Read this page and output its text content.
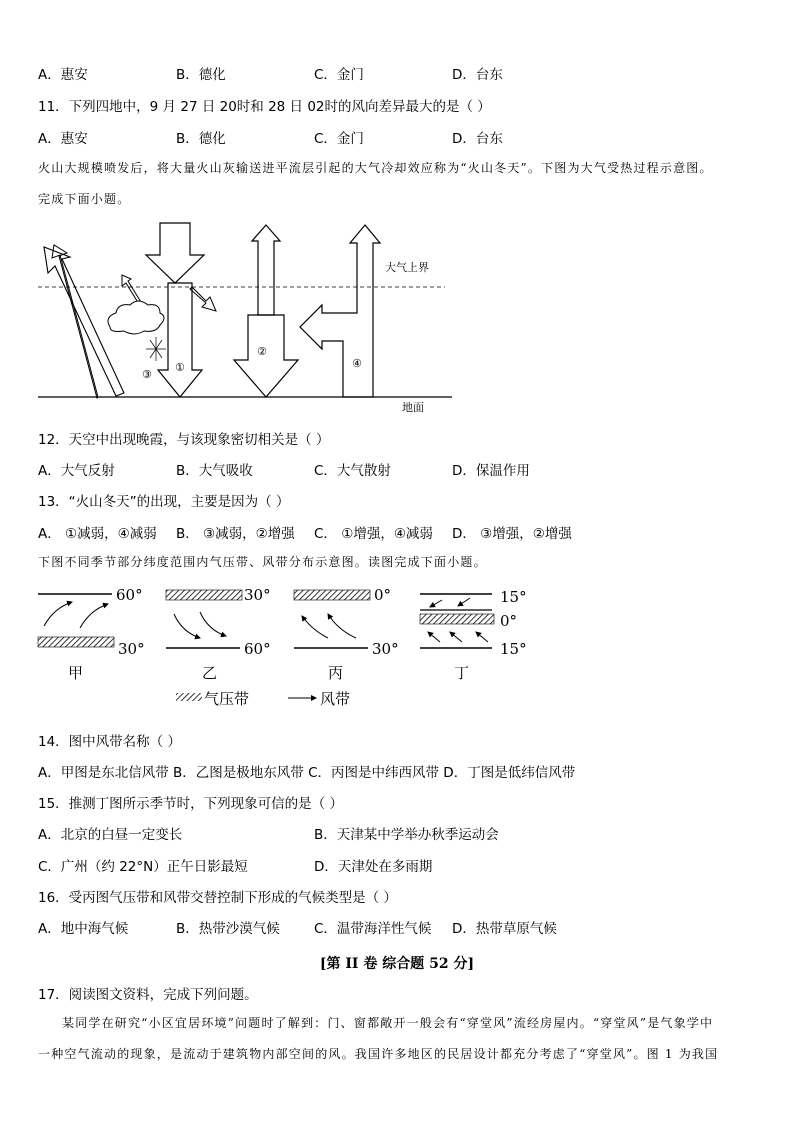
A．惠安	B．德化	C．金门	D．台东
11．下列四地中，9 月 27 日 20时和 28 日 02时的风向差异最大的是（ ）
A．惠安	B．德化	C．金门	D．台东
火山大规模喷发后，将大量火山灰输送进平流层引起的大气冷却效应称为“火山冬天”。下图为大气受热过程示意图。
完成下面小题。
大气上界
地面
①
③
②
④
12．天空中出现晚霞，与该现象密切相关是（ ）
A．大气反射	B．大气吸收	C．大气散射	D．保温作用
13．“火山冬天”的出现，主要是因为（ ）
A． ①减弱，④减弱 B． ③减弱，②增强 C． ①增强，④减弱 D． ③增强，②增强
下图不同季节部分纬度范围内气压带、风带分布示意图。读图完成下面小题。
60°
30°
甲
30°
60°
乙
0°
30°
丙
15°
0°
15°
丁
气压带	风带
14．图中风带名称（ ）
A．甲图是东北信风带 B．乙图是极地东风带 C．丙图是中纬西风带 D．丁图是低纬信风带
15．推测丁图所示季节时，下列现象可信的是（ ）
A．北京的白昼一定变长	B．天津某中学举办秋季运动会
C．广州（约 22°N）正午日影最短	D．天津处在多雨期
16．受丙图气压带和风带交替控制下形成的气候类型是（ ）
A．地中海气候	B．热带沙漠气候	C．温带海洋性气候 D．热带草原气候
[第 II 卷 综合题 52 分]
17．阅读图文资料，完成下列问题。
某同学在研究“小区宜居环境”问题时了解到：门、窗都敞开一般会有“穿堂风”流经房屋内。“穿堂风”是气象学中
一种空气流动的现象，是流动于建筑物内部空间的风。我国许多地区的民居设计都充分考虑了“穿堂风”。图 1 为我国
